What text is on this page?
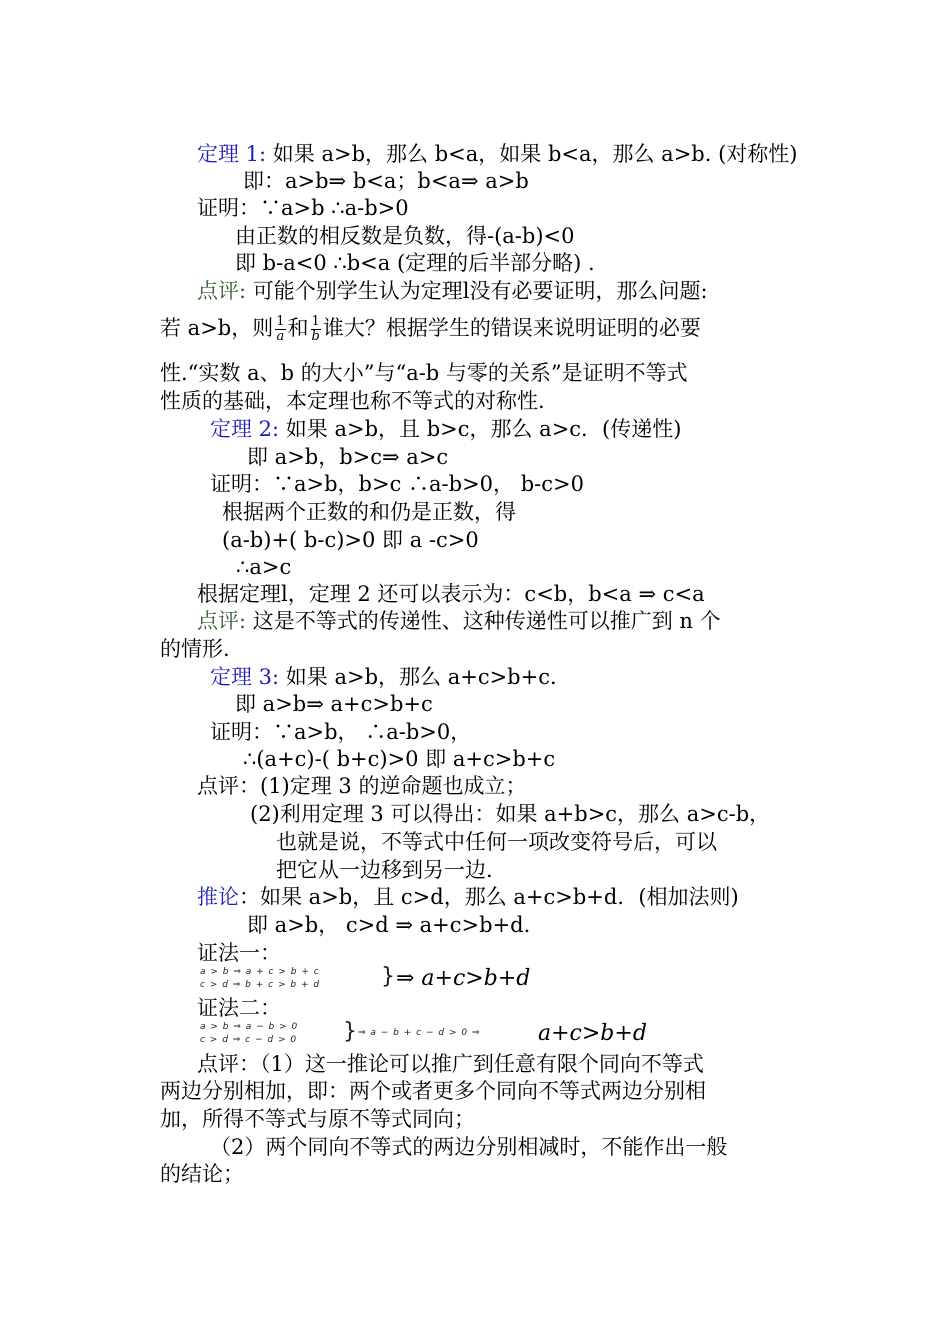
定理 1: 如果 a>b，那么 b<a，如果 b<a，那么 a>b. (对称性)
即：a>b⇒ b<a；b<a⇒ a>b
证明：∵a>b ∴a-b>0
由正数的相反数是负数，得-(a-b)<0
即 b-a<0 ∴b<a (定理的后半部分略) .
点评: 可能个别学生认为定理l没有必要证明，那么问题:
若 a>b，则 $\frac{1}{a}$ 和 $\frac{1}{b}$ 谁大？根据学生的错误来说明证明的必要
性.“实数 a、b 的大小”与“a-b 与零的关系”是证明不等式
性质的基础，本定理也称不等式的对称性.
定理 2: 如果 a>b，且 b>c，那么 a>c．(传递性)
即 a>b，b>c⇒ a>c
证明：∵a>b，b>c ∴a-b>0， b-c>0
根据两个正数的和仍是正数，得
(a-b)+( b-c)>0 即 a -c>0
∴a>c
根据定理l，定理 2 还可以表示为：c<b，b<a ⇒ c<a
点评: 这是不等式的传递性、这种传递性可以推广到 n 个
的情形.
定理 3: 如果 a>b，那么 a+c>b+c．
即 a>b⇒ a+c>b+c
证明：∵a>b， ∴a-b>0，
∴(a+c)-( b+c)>0 即 a+c>b+c
点评：(1)定理 3 的逆命题也成立；
(2)利用定理 3 可以得出：如果 a+b>c，那么 a>c-b，
也就是说，不等式中任何一项改变符号后，可以
把它从一边移到另一边.
推论：如果 a>b，且 c>d，那么 a+c>b+d．(相加法则)
即 a>b， c>d ⇒ a+c>b+d.
证法一：
a > b ⇒ a + c > b + c
c > d ⇒ b + c > b + d	} ⇒ a+c>b+d
证法二：
a > b ⇒ a − b > 0
c > d ⇒ c − d > 0 } ⇒ a − b + c − d > 0 ⇒	a+c>b+d
点评：（1）这一推论可以推广到任意有限个同向不等式
两边分别相加，即：两个或者更多个同向不等式两边分别相
加，所得不等式与原不等式同向；
（2）两个同向不等式的两边分别相减时，不能作出一般
的结论；
